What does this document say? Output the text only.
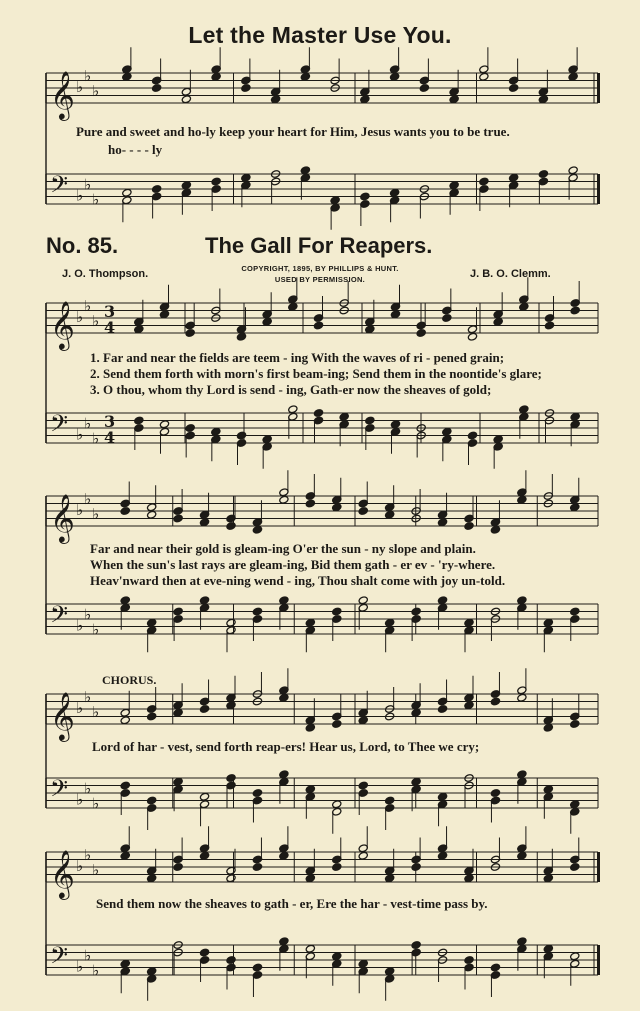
Let the Master Use You.
𝄞 ♭
♭
♭
𝄢 ♭
♭
♭
𝄞 ♭
♭
♭
𝄢 ♭
♭
♭
3
4
3
4
𝄞 ♭
♭
♭
𝄢 ♭
♭
♭
𝄞 ♭
♭
♭
𝄢 ♭
♭
♭
𝄞 ♭
♭
♭
𝄢 ♭
♭
♭
Pure and sweet and ho-ly keep your heart for Him, Jesus wants you to be true.
ho- - - - ly
No. 85.	The Gall For Reapers.
J. O. Thompson.	COPYRIGHT, 1895, BY PHILLIPS & HUNT.
USED BY PERMISSION.	J. B. O. Clemm.
1. Far and near the fields are teem - ing With the waves of ri - pened grain;
2. Send them forth with morn's first beam-ing; Send them in the noontide's glare;
3. O thou, whom thy Lord is send - ing, Gath-er now the sheaves of gold;
Far and near their gold is gleam-ing O'er the sun - ny slope and plain.
When the sun's last rays are gleam-ing, Bid them gath - er ev - 'ry-where.
Heav'nward then at eve-ning wend - ing, Thou shalt come with joy un-told.
CHORUS.
Lord of har - vest, send forth reap-ers! Hear us, Lord, to Thee we cry;
Send them now the sheaves to gath - er, Ere the har - vest-time pass by.
